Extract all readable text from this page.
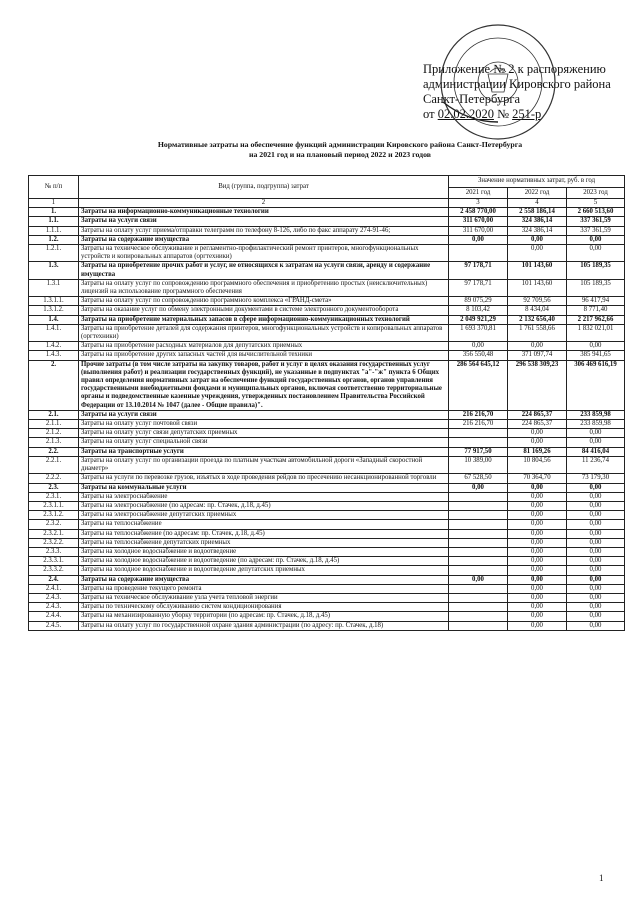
Приложение № 2 к распоряжению
администрации Кировского района
Санкт-Петербурга
от 02.02.2020 № 251-р
Нормативные затраты на обеспечение функций администрации Кировского района Санкт-Петербурга
на 2021 год и на плановый период 2022 и 2023 годов
№ п/п	Вид (группа, подгруппа) затрат	Значение нормативных затрат, руб. в год		
		2021 год	2022 год	2023 год
1	2	3	4	5
1.	Затраты на информационно-коммуникационные технологии	2 458 770,00	2 558 186,14	2 660 513,60
1.1.	Затраты на услуги связи	311 670,00	324 386,14	337 361,59
1.1.1.	Затраты на оплату услуг приема/отправки телеграмм по телефону 8-126, либо по факс аппарату 274-91-46;	311 670,00	324 386,14	337 361,59
1.2.	Затраты на содержание имущества	0,00	0,00	0,00
1.2.1.	Затраты на техническое обслуживание и регламентно-профилактический ремонт принтеров, многофункциональных устройств и копировальных аппаратов (оргтехники)		0,00	0,00
1.3.	Затраты на приобретение прочих работ и услуг, не относящихся к затратам на услуги связи, аренду и содержание имущества	97 178,71	101 143,60	105 189,35
1.3.1	Затраты на оплату услуг по сопровождению программного обеспечения и приобретению простых (неисключительных) лицензий на использование программного обеспечения	97 178,71	101 143,60	105 189,35
1.3.1.1.	Затраты на оплату услуг по сопровождению программного комплекса «ГРАНД-смета»	89 075,29	92 709,56	96 417,94
1.3.1.2.	Затраты на оказание услуг по обмену электронными документами в системе электронного документооборота	8 103,42	8 434,04	8 771,40
1.4.	Затраты на приобретение материальных запасов в сфере информационно-коммуникационных технологий	2 049 921,29	2 132 656,40	2 217 962,66
1.4.1.	Затраты на приобретение деталей для содержания принтеров, многофункциональных устройств и копировальных аппаратов (оргтехники)	1 693 370,81	1 761 558,66	1 832 021,01
1.4.2.	Затраты на приобретение расходных материалов для депутатских приемных	0,00	0,00	0,00
1.4.3.	Затраты на приобретение других запасных частей для вычислительной техники	356 550,48	371 097,74	385 941,65
2.	Прочие затраты (в том числе затраты на закупку товаров, работ и услуг в целях оказания государственных услуг (выполнения работ) и реализации государственных функций), не указанные в подпунктах "а"-"ж" пункта 6 Общих правил определения нормативных затрат на обеспечение функций государственных органов, органов управления государственными внебюджетными фондами и муниципальных органов, включая соответственно территориальные органы и подведомственные казенные учреждения, утвержденных постановлением Правительства Российской Федерации от 13.10.2014 № 1047 (далее - Общие правила)".	286 564 645,12	296 538 309,23	306 469 616,19
2.1.	Затраты на услуги связи	216 216,70	224 865,37	233 859,98
2.1.1.	Затраты на оплату услуг почтовой связи	216 216,70	224 865,37	233 859,98
2.1.2.	Затраты на оплату услуг связи депутатских приемных		0,00	0,00
2.1.3.	Затраты на оплату услуг специальной связи		0,00	0,00
2.2.	Затраты на транспортные услуги	77 917,50	81 169,26	84 416,04
2.2.1.	Затраты на оплату услуг по организации проезда по платным участкам автомобильной дороги «Западный скоростной диаметр»	10 389,00	10 804,56	11 236,74
2.2.2.	Затраты на услуги по перевозке грузов, изъятых в ходе проведения рейдов по пресечению несанкционированной торговли	67 528,50	70 364,70	73 179,30
2.3.	Затраты на коммунальные услуги	0,00	0,00	0,00
2.3.1.	Затраты на электроснабжение		0,00	0,00
2.3.1.1.	Затраты на электроснабжение (по адресам: пр. Стачек, д.18, д.45)		0,00	0,00
2.3.1.2.	Затраты на электроснабжение депутатских приемных		0,00	0,00
2.3.2.	Затраты на теплоснабжение		0,00	0,00
2.3.2.1.	Затраты на теплоснабжение (по адресам: пр. Стачек, д.18, д.45)		0,00	0,00
2.3.2.2.	Затраты на теплоснабжение депутатских приемных		0,00	0,00
2.3.3.	Затраты на холодное водоснабжение и водоотведение		0,00	0,00
2.3.3.1.	Затраты на холодное водоснабжение и водоотведение (по адресам: пр. Стачек, д.18, д.45)		0,00	0,00
2.3.3.2.	Затраты на холодное водоснабжение и водоотведение депутатских приемных		0,00	0,00
2.4.	Затраты на содержание имущества	0,00	0,00	0,00
2.4.1.	Затраты на проведение текущего ремонта		0,00	0,00
2.4.3.	Затраты на техническое обслуживание узла учета тепловой энергии		0,00	0,00
2.4.3.	Затраты по техническому обслуживанию систем кондиционирования		0,00	0,00
2.4.4.	Затраты на механизированную уборку территории (по адресам: пр. Стачек, д.18, д.45)		0,00	0,00
2.4.5.	Затраты на оплату услуг по государственной охране здания администрации (по адресу: пр. Стачек, д.18)		0,00	0,00
1
